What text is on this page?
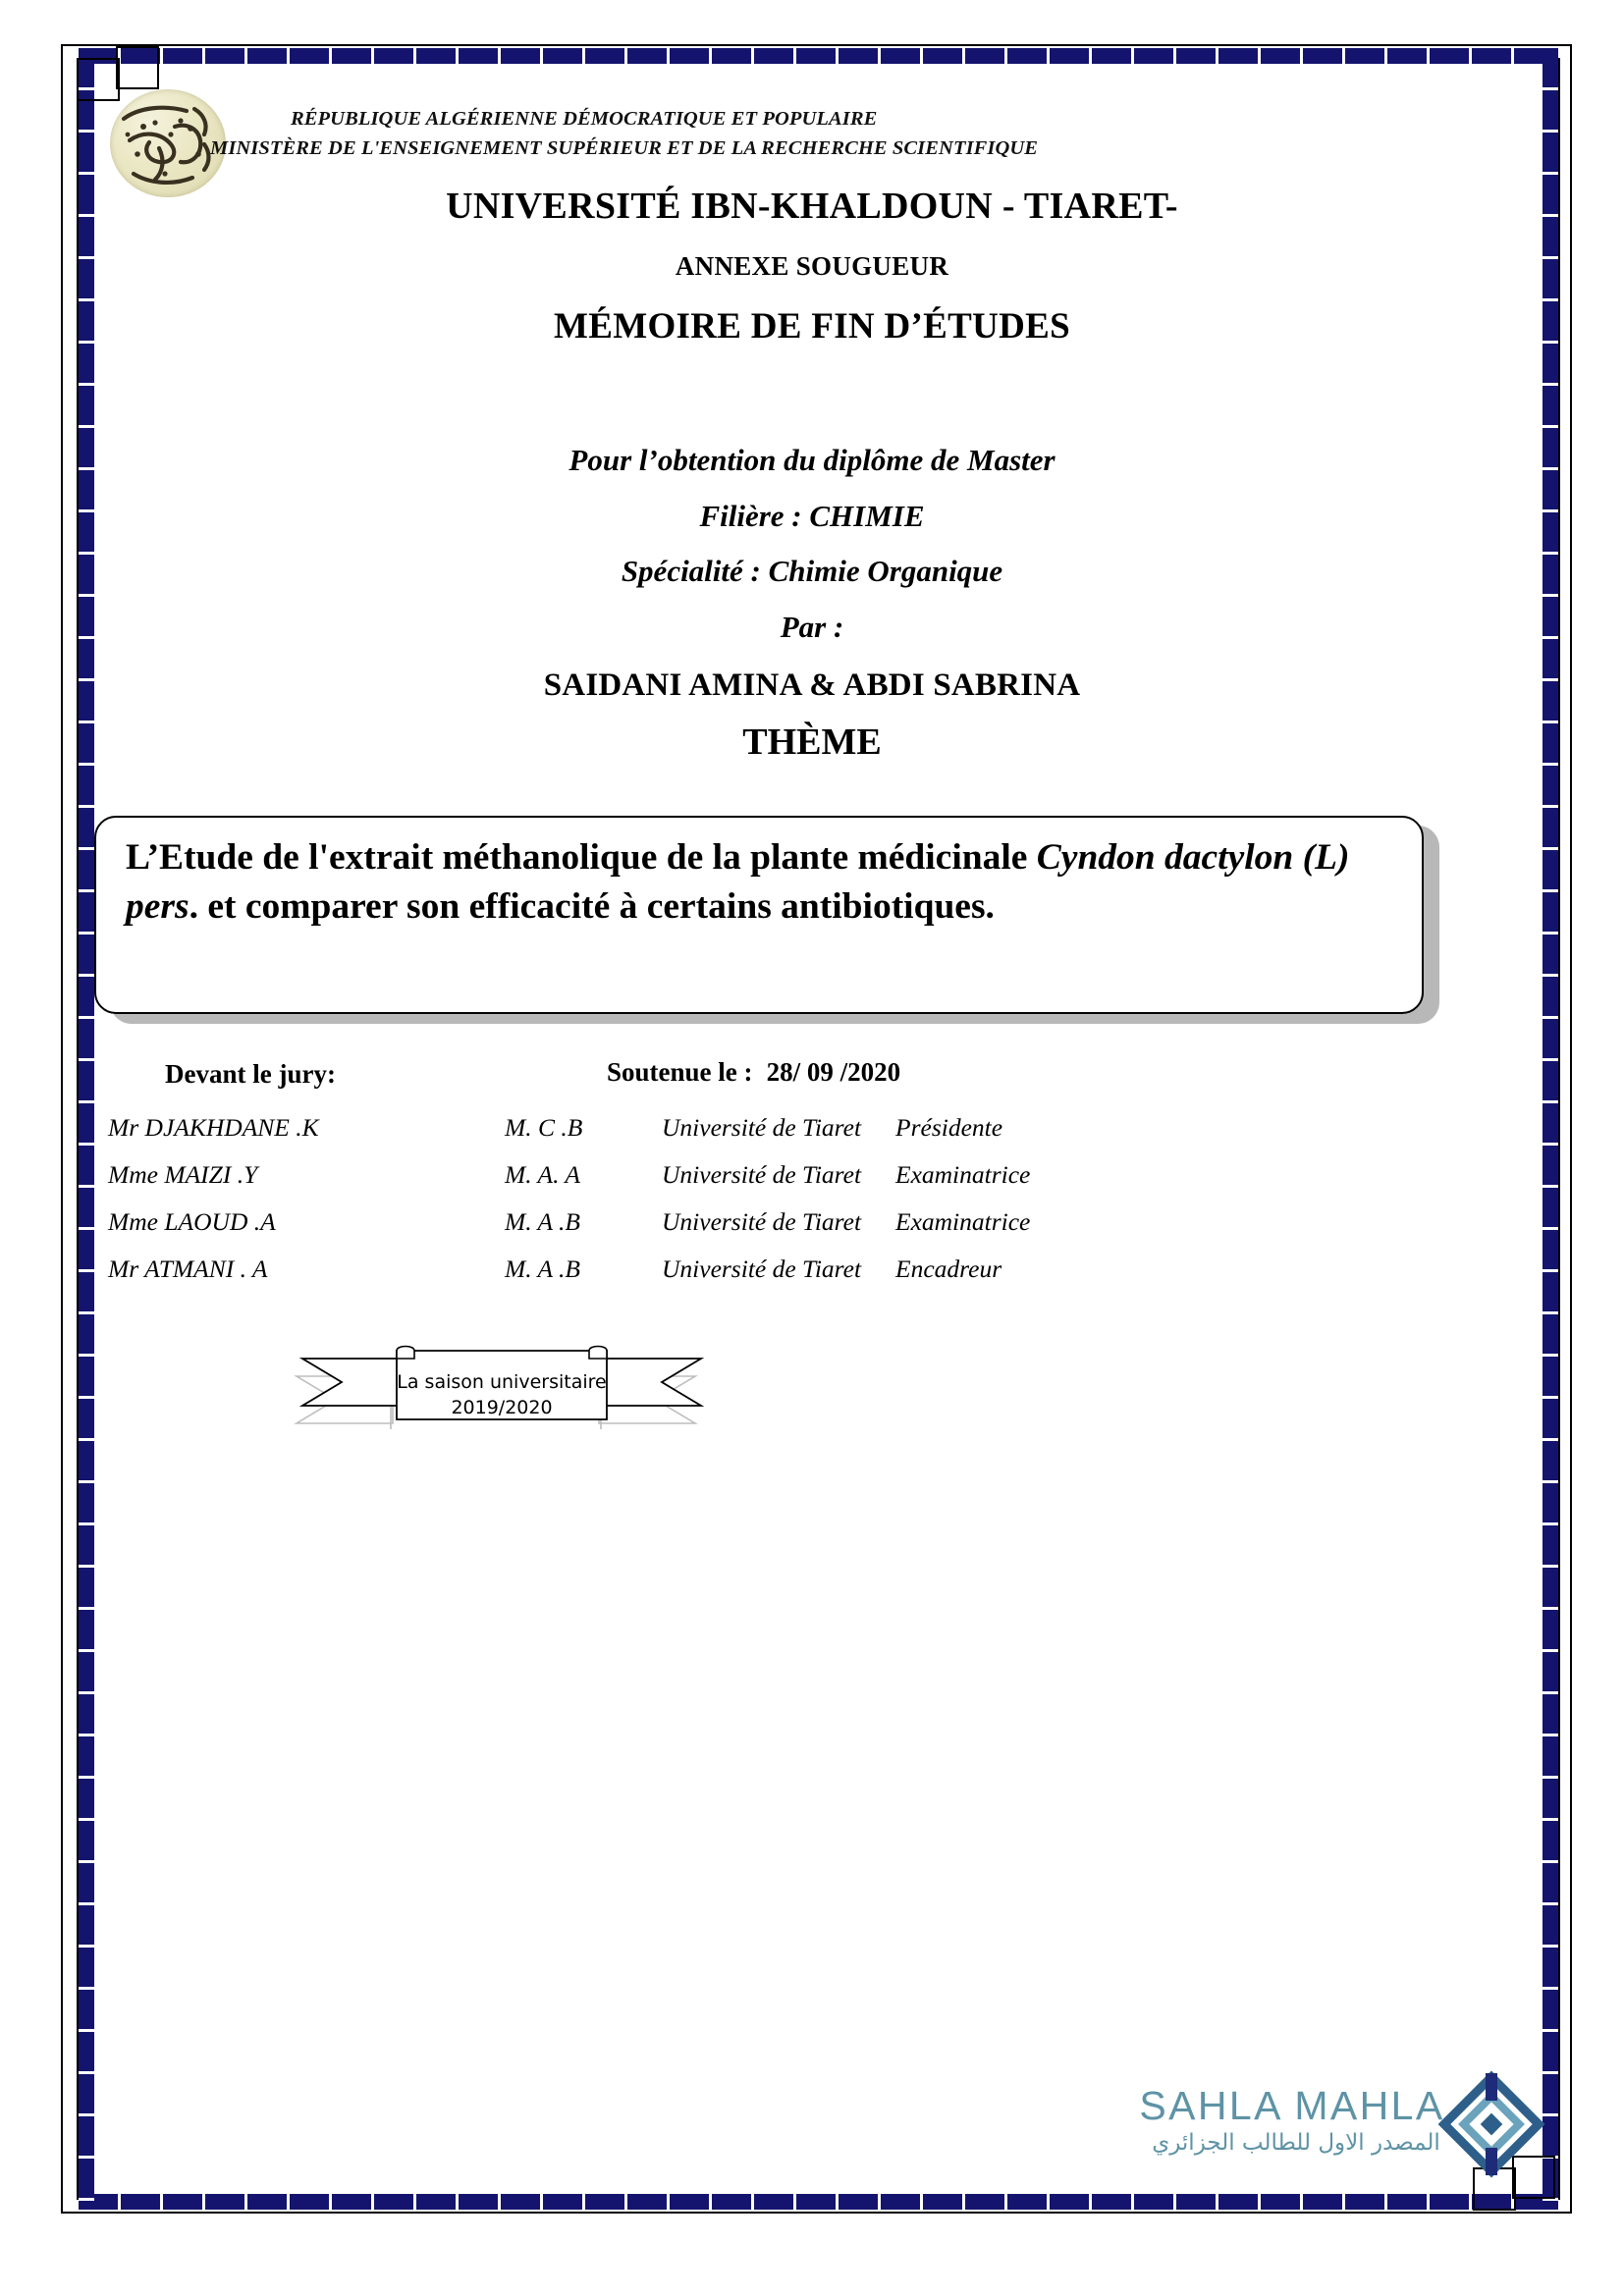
RÉPUBLIQUE ALGÉRIENNE DÉMOCRATIQUE ET POPULAIRE
MINISTÈRE DE L'ENSEIGNEMENT SUPÉRIEUR ET DE LA RECHERCHE SCIENTIFIQUE
UNIVERSITÉ IBN-KHALDOUN - TIARET-
ANNEXE SOUGUEUR
MÉMOIRE DE FIN D’ÉTUDES
Pour l’obtention du diplôme de Master
Filière : CHIMIE
Spécialité : Chimie Organique
Par :
SAIDANI AMINA & ABDI SABRINA
THÈME
L’Etude de l'extrait méthanolique de la plante médicinale Cyndon dactylon (L) pers. et comparer son efficacité à certains antibiotiques.
Devant le jury:	Soutenue le : 28/ 09 /2020
Mr DJAKHDANE .K	M. C .B	Université de Tiaret Présidente
Mme MAIZI .Y	M. A. A	Université de Tiaret Examinatrice
Mme LAOUD .A	M. A .B	Université de Tiaret Examinatrice
Mr ATMANI . A	M. A .B	Université de Tiaret Encadreur
La saison universitaire
2019/2020
SAHLA MAHLA
المصدر الاول للطالب الجزائري
